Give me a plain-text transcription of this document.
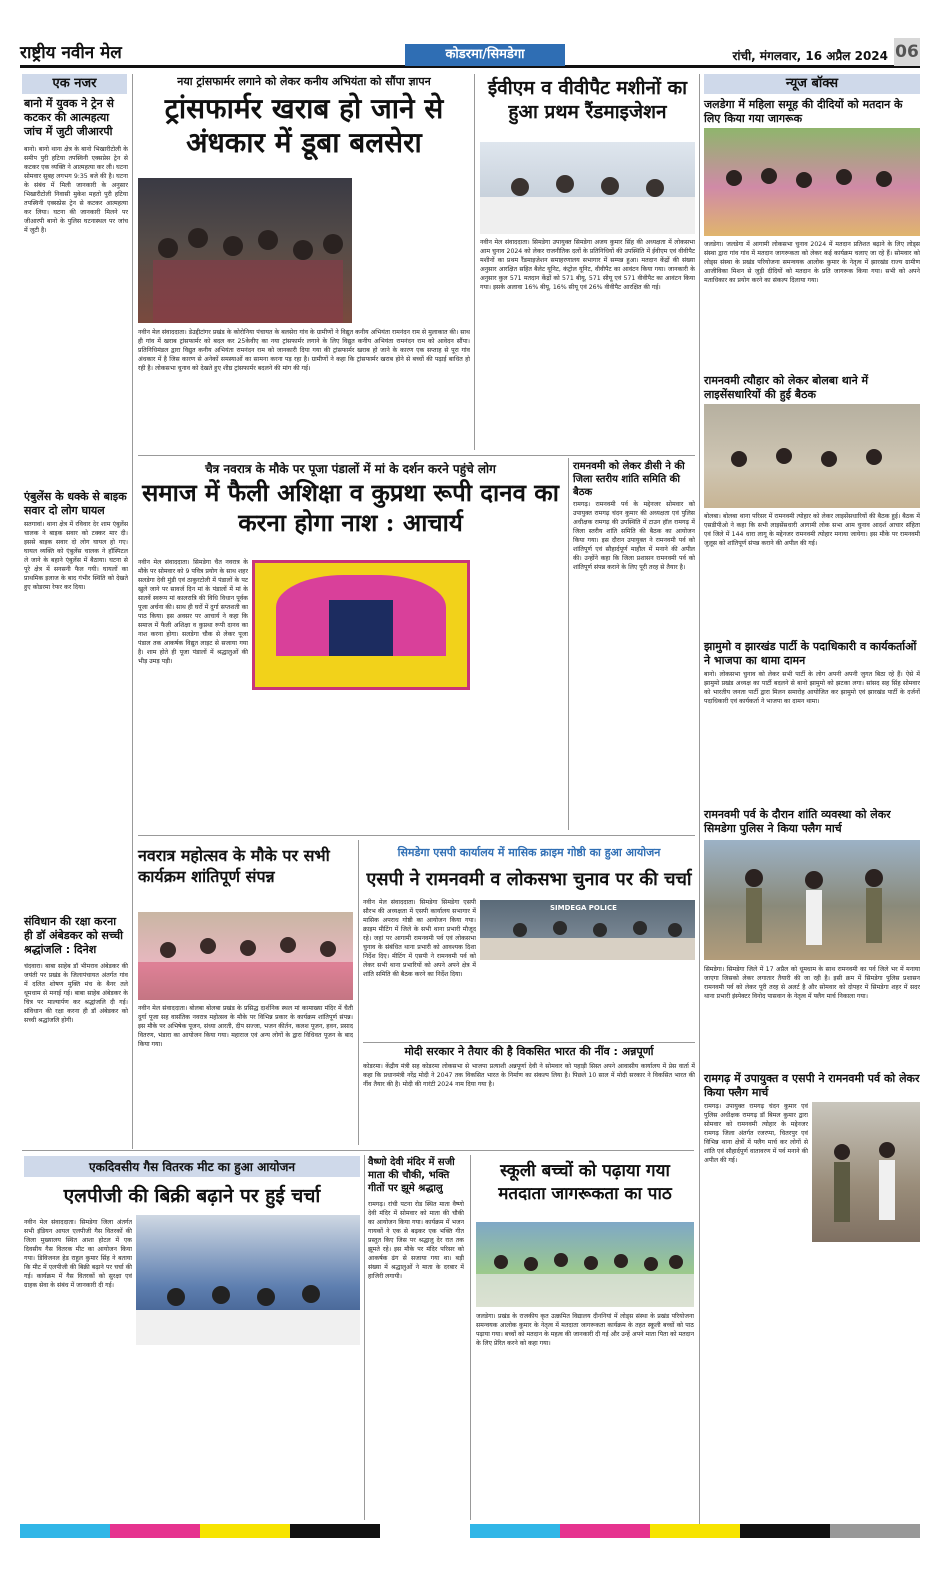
राष्ट्रीय नवीन मेल	कोडरमा/सिमडेगा	रांची, मंगलवार, 16 अप्रैल 2024 06
एक नजर
बानो में युवक ने ट्रेन से कटकर की आत्महत्या जांच में जुटी जीआरपी
बानो। बानो थाना क्षेत्र के बानो भिखारीटोली के समीप पुरी हटिया तपस्विनी एक्सप्रेस ट्रेन से कटकर एक व्यक्ति ने आत्महत्या कर ली। घटना सोमवार सुबह लगभग 9:35 बजे की है। घटना के संबंध में मिली जानकारी के अनुसार भिखारीटोली निवासी मुकेश महतो पुरी हटिया तपस्विनी एक्सप्रेस ट्रेन से कटकर आत्महत्या कर लिया। घटना की जानकारी मिलने पर जीआरपी बानो के पुलिस घटनास्थल पर जांच में जुटी है।
एंबुलेंस के धक्के से बाइक सवार दो लोग घायल
सतगावां। थाना क्षेत्र में रविवार देर शाम एंबुलेंस चालक ने बाइक सवार को टक्कर मार दी। इससे बाइक सवार दो लोग घायल हो गए। घायल व्यक्ति को एंबुलेंस चालक ने हॉस्पिटल ले जाने के बहाने एंबुलेंस में बैठाया। घटना से पूरे क्षेत्र में सनसनी फैल गयी। घायलों का प्राथमिक इलाज के बाद गंभीर स्थिति को देखते हुए कोडरमा रेफर कर दिया।
संविधान की रक्षा करना ही डॉ अंबेडकर को सच्ची श्रद्धांजलि : दिनेश
चंदवारा। बाबा साहेब डॉ भीमराव अंबेडकर की जयंती पर प्रखंड के जिलापंचायत अंतर्गत गांव में दलित शोषण मुक्ति मंच के बैनर तले धूमधाम से मनाई गई। बाबा साहेब अंबेडकर के चित्र पर माल्यार्पण कर श्रद्धांजलि दी गई। संविधान की रक्षा करना ही डॉ अंबेडकर को सच्ची श्रद्धांजलि होगी।
नया ट्रांसफार्मर लगाने को लेकर कनीय अभियंता को सौंपा ज्ञापन
ट्रांसफार्मर खराब हो जाने से अंधकार में डूबा बलसेरा
नवीन मेल संवाददाता। डेउद्दीटांगर प्रखंड के कोरोनिया पंचायत के बलसेरा गांव के ग्रामीणों ने विद्युत कनीय अभियंता रामनंदन राम से मुलाकात की। साथ ही गांव में खराब ट्रांसफार्मर को बदल कर 25केवीए का नया ट्रांसफार्मर लगाने के लिए विद्युत कनीय अभियंता रामनंदन राम को आवेदन सौंपा। प्रतिनिधिमंडल द्वारा विद्युत कनीय अभियंता रामनंदन राम को जानकारी दिया गया की ट्रांसफार्मर खराब हो जाने के कारण एक सप्ताह से पूरा गांव अंधकार में है जिस कारण से अनेकों समस्याओं का सामना करना पड़ रहा है। ग्रामीणों ने कहा कि ट्रांसफार्मर खराब होने से बच्चों की पढ़ाई बाधित हो रही है। लोकसभा चुनाव को देखते हुए शीघ्र ट्रांसफार्मर बदलने की मांग की गई।
ईवीएम व वीवीपैट मशीनों का हुआ प्रथम रैंडमाइजेशन
नवीन मेल संवाददाता। सिमडेगा उपायुक्त सिमडेगा अजय कुमार सिंह की अध्यक्षता में लोकसभा आम चुनाव 2024 को लेकर राजनीतिक दलों के प्रतिनिधियों की उपस्थिति में ईवीएम एवं वीवीपैट मशीनों का प्रथम रैंडमाइजेशन समाहरणालय सभागार में सम्पन्न हुआ। मतदान केंद्रों की संख्या अनुसार आरक्षित सहित बैलेट यूनिट, कंट्रोल यूनिट, वीवीपैट का आवंटन किया गया। जानकारी के अनुसार कुल 571 मतदान केंद्रों को 571 बीयू, 571 सीयू एवं 571 वीवीपैट का आवंटन किया गया। इसके अलावा 16% बीयू, 16% सीयू एवं 26% वीवीपैट आरक्षित की गई।
चैत्र नवरात्र के मौके पर पूजा पंडालों में मां के दर्शन करने पहुंचे लोग
समाज में फैली अशिक्षा व कुप्रथा रूपी दानव का करना होगा नाश : आचार्य
नवीन मेल संवाददाता। सिमडेगा चैत नवरात्र के मौके पर सोमवार को 9 पवित्र प्रयोग के साथ शहर सलडेगा देवी मुंडी एवं ठाकुरटोली में पंडालों के पट खुले जाने पर सावर्ज दिन मां के पंडालों में मां के सातवें स्वरूप मां कालरात्रि की विधि विधान पूर्वक पूजा अर्चना की। साथ ही घरों में दुर्गा सप्तशती का पाठ किया। इस अवसर पर आचार्य ने कहा कि समाज में फैली अशिक्षा व कुप्रथा रूपी दानव का नाश करना होगा। सलडेगा चौक से लेकर पूजा पंडाल तक आकर्षक विद्युत लाइट से सजाया गया है। शाम होते ही पूजा पंडालों में श्रद्धालुओं की भीड़ उमड़ पड़ी।
रामनवमी को लेकर डीसी ने की जिला स्तरीय शांति समिति की बैठक
रामगढ़। रामनवमी पर्व के मद्देनजर सोमवार को उपायुक्त रामगढ़ चंदन कुमार की अध्यक्षता एवं पुलिस अधीक्षक रामगढ़ की उपस्थिति में टाउन हॉल रामगढ़ में जिला स्तरीय शांति समिति की बैठक का आयोजन किया गया। इस दौरान उपायुक्त ने रामनवमी पर्व को शांतिपूर्ण एवं सौहार्दपूर्ण माहौल में मनाने की अपील की। उन्होंने कहा कि जिला प्रशासन रामनवमी पर्व को शांतिपूर्ण संपन्न कराने के लिए पूरी तरह से तैयार है।
नवरात्र महोत्सव के मौके पर सभी कार्यक्रम शांतिपूर्ण संपन्न
नवीन मेल संवाददाता। बोलबा बोलबा प्रखंड के प्रसिद्ध दार्शनिक स्थल मां कामाख्या मंदिर में चैती दुर्गा पूजा सह वासंतिक नवरात्र महोत्सव के मौके पर विभिन्न प्रकार के कार्यक्रम शांतिपूर्ण संपन्न। इस मौके पर अभिषेक पूजन, संध्या आरती, दीप सज्जा, भजन कीर्तन, कलश पूजन, हवन, प्रसाद वितरण, भंडारा का आयोजन किया गया। महाराज एवं अन्य लोगों के द्वारा विधिवत पूजन के बाद किया गया।
सिमडेगा एसपी कार्यालय में मासिक क्राइम गोष्ठी का हुआ आयोजन
एसपी ने रामनवमी व लोकसभा चुनाव पर की चर्चा
SIMDEGA POLICE
नवीन मेल संवाददाता। सिमडेगा सिमडेगा एसपी सौरभ की अध्यक्षता में एसपी कार्यालय सभागार में मासिक अपराध गोष्ठी का आयोजन किया गया। क्राइम मीटिंग में जिले के सभी थाना प्रभारी मौजूद रहे। जहां पर आगामी रामनवमी पर्व एवं लोकसभा चुनाव के संबंधित थाना प्रभारी को आवश्यक दिशा निर्देश दिए। मीटिंग में एसपी ने रामनवमी पर्व को लेकर सभी थाना प्रभारियों को अपने अपने क्षेत्र में शांति समिति की बैठक करने का निर्देश दिया।
मोदी सरकार ने तैयार की है विकसित भारत की नींव : अन्नपूर्णा
कोडरमा। केंद्रीय मंत्री सह कोडरमा लोकसभा से भाजपा प्रत्याशी अन्नपूर्णा देवी ने सोमवार को पहाड़ी सिस्त अपने आवासीय कार्यालय में प्रेस वार्ता में कहा कि प्रधानमंत्री नरेंद्र मोदी ने 2047 तक विकसित भारत के निर्माण का संकल्प लिया है। पिछले 10 साल में मोदी सरकार ने विकसित भारत की नींव तैयार की है। मोदी की गारंटी 2024 नाम दिया गया है।
एकदिवसीय गैस वितरक मीट का हुआ आयोजन
एलपीजी की बिक्री बढ़ाने पर हुई चर्चा
नवीन मेल संवाददाता। सिमडेगा जिला अंतर्गत सभी इंडियन आयल एलपीजी गैस वितरकों की जिला मुख्यालय स्थित आशा होटल में एक दिवसीय गैस वितरक मीट का आयोजन किया गया। डिविजनल हेड राहुल कुमार सिंह ने बताया कि मीट में एलपीजी की बिक्री बढ़ाने पर चर्चा की गई। कार्यक्रम में गैस वितरकों को सुरक्षा एवं ग्राहक सेवा के संबंध में जानकारी दी गई।
वैष्णो देवी मंदिर में सजी माता की चौकी, भक्ति गीतों पर झूमे श्रद्धालु
रामगढ़। रांची पटना रोड स्थित माता वैष्णो देवी मंदिर में सोमवार को माता की चौकी का आयोजन किया गया। कार्यक्रम में भजन गायकों ने एक से बढ़कर एक भक्ति गीत प्रस्तुत किए जिस पर श्रद्धालु देर रात तक झूमते रहे। इस मौके पर मंदिर परिसर को आकर्षक ढंग से सजाया गया था। बड़ी संख्या में श्रद्धालुओं ने माता के दरबार में हाजिरी लगायी।
स्कूली बच्चों को पढ़ाया गया मतदाता जागरूकता का पाठ
जलडेगा। प्रखंड के राजकीय कृत उत्क्रमित विद्यालय दीननियां में लोड्स संस्था के प्रखंड परियोजना समन्वयक आलोक कुमार के नेतृत्व में मतदाता जागरूकता कार्यक्रम के तहत स्कूली बच्चों को पाठ पढ़ाया गया। बच्चों को मतदान के महत्व की जानकारी दी गई और उन्हें अपने माता पिता को मतदान के लिए प्रेरित करने को कहा गया।
न्यूज बॉक्स
जलडेगा में महिला समूह की दीदियों को मतदान के लिए किया गया जागरूक
जलडेगा। जलडेगा में आगामी लोकसभा चुनाव 2024 में मतदान प्रतिशत बढ़ाने के लिए लोड्स संस्था द्वारा गांव गांव में मतदान जागरूकता को लेकर कई कार्यक्रम चलाए जा रहे हैं। सोमवार को लोड्स संस्था के प्रखंड परियोजना समन्वयक आलोक कुमार के नेतृत्व में झारखंड राज्य ग्रामीण आजीविका मिशन से जुड़ी दीदियों को मतदान के प्रति जागरूक किया गया। सभी को अपने मताधिकार का प्रयोग करने का संकल्प दिलाया गया।
रामनवमी त्यौहार को लेकर बोलबा थाने में लाइसेंसधारियों की हुई बैठक
बोलबा। बोलबा थाना परिसर में रामनवमी त्योहार को लेकर लाइसेंसधारियों की बैठक हुई। बैठक में एसडीपीओ ने कहा कि सभी लाइसेंसधारी आगामी लोक सभा आम चुनाव आदर्श आचार संहिता एवं जिले में 144 धारा लागू के मद्देनजर रामनवमी त्योहार मनाया जायेगा। इस मौके पर रामनवमी जुलूस को शांतिपूर्ण संपन्न कराने की अपील की गई।
झामुमो व झारखंड पार्टी के पदाधिकारी व कार्यकर्ताओं ने भाजपा का थामा दामन
बानो। लोकसभा चुनाव को लेकर सभी पार्टी के लोग अपनी अपनी जुगत बिठा रहे हैं। ऐसे में झामुमो प्रखंड अध्यक्ष का पार्टी बदलने से बानो झामुमो को झटका लगा। सांसद सह सिंह सोमवार को भारतीय जनता पार्टी द्वारा मिलन समारोह आयोजित कर झामुमो एवं झारखंड पार्टी के दर्जनों पदाधिकारी एवं कार्यकर्ता ने भाजपा का दामन थामा।
रामनवमी पर्व के दौरान शांति व्यवस्था को लेकर सिमडेगा पुलिस ने किया फ्लैग मार्च
सिमडेगा। सिमडेगा जिले में 17 अप्रैल को धूमधाम के साथ रामनवमी का पर्व जिले भर में मनाया जाएगा जिसको लेकर लगातार तैयारी की जा रही है। इसी क्रम में सिमडेगा पुलिस प्रशासन रामनवमी पर्व को लेकर पूरी तरह से अलर्ट है और सोमवार को दोपहर में सिमडेगा शहर में सदर थाना प्रभारी इंस्पेक्टर विनोद पासवान के नेतृत्व में फ्लैग मार्च निकाला गया।
रामगढ़ में उपायुक्त व एसपी ने रामनवमी पर्व को लेकर किया फ्लैग मार्च
रामगढ़। उपायुक्त रामगढ़ चंदन कुमार एवं पुलिस अधीक्षक रामगढ़ डॉ बिमल कुमार द्वारा सोमवार को रामनवमी त्योहार के मद्देनजर रामगढ़ जिला अंतर्गत रजरप्पा, चितरपुर एवं विभिन्न थाना क्षेत्रों में फ्लैग मार्च कर लोगों से शांति एवं सौहार्दपूर्ण वातावरण में पर्व मनाने की अपील की गई।
